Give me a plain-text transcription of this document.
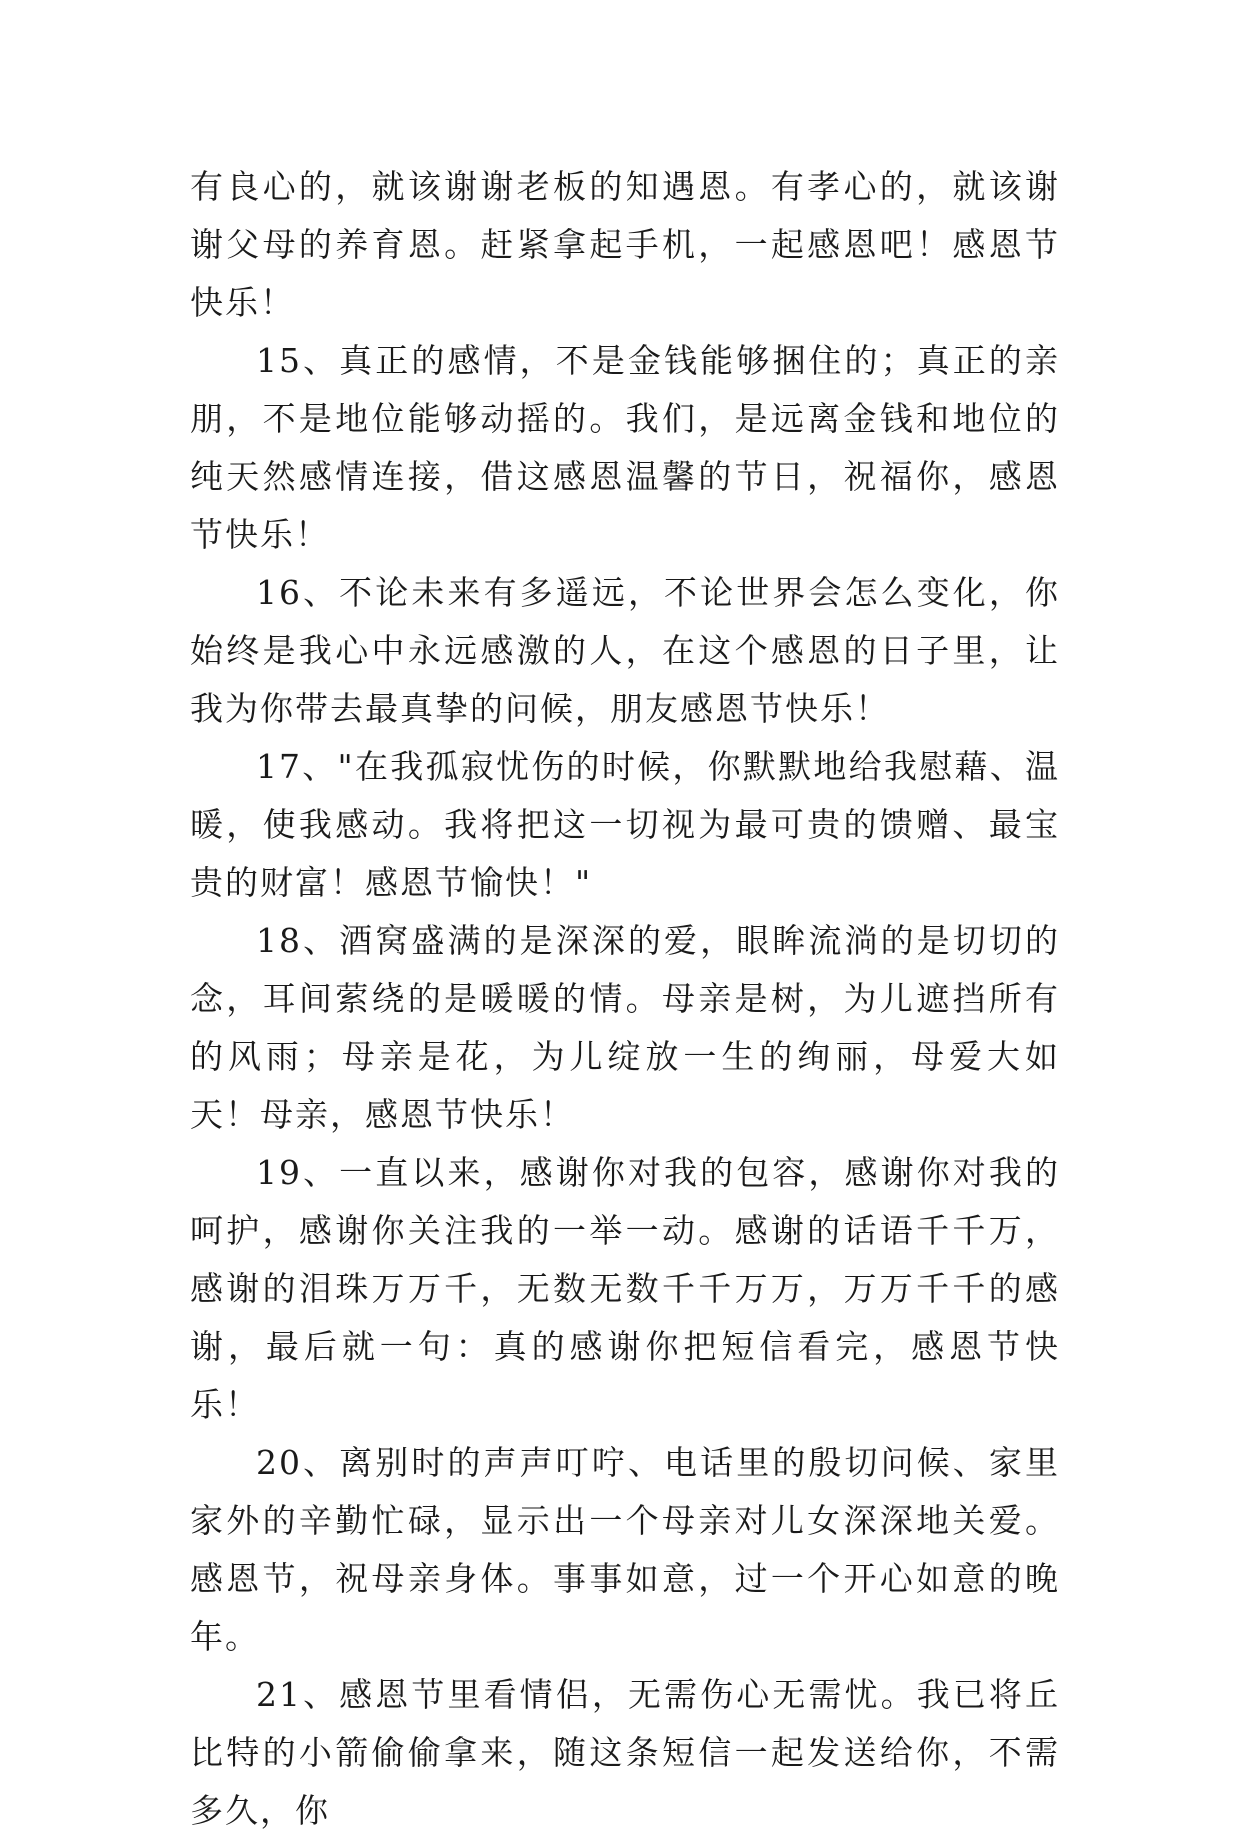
有良心的，就该谢谢老板的知遇恩。有孝心的，就该谢谢父母的养育恩。赶紧拿起手机，一起感恩吧！感恩节快乐！

15、真正的感情，不是金钱能够捆住的；真正的亲朋，不是地位能够动摇的。我们，是远离金钱和地位的纯天然感情连接，借这感恩温馨的节日，祝福你，感恩节快乐！

16、不论未来有多遥远，不论世界会怎么变化，你始终是我心中永远感激的人，在这个感恩的日子里，让我为你带去最真挚的问候，朋友感恩节快乐！

17、"在我孤寂忧伤的时候，你默默地给我慰藉、温暖，使我感动。我将把这一切视为最可贵的馈赠、最宝贵的财富！感恩节愉快！"

18、酒窝盛满的是深深的爱，眼眸流淌的是切切的念，耳间萦绕的是暖暖的情。母亲是树，为儿遮挡所有的风雨；母亲是花，为儿绽放一生的绚丽，母爱大如天！母亲，感恩节快乐！

19、一直以来，感谢你对我的包容，感谢你对我的呵护，感谢你关注我的一举一动。感谢的话语千千万，感谢的泪珠万万千，无数无数千千万万，万万千千的感谢，最后就一句：真的感谢你把短信看完，感恩节快乐！

20、离别时的声声叮咛、电话里的殷切问候、家里家外的辛勤忙碌，显示出一个母亲对儿女深深地关爱。感恩节，祝母亲身体。事事如意，过一个开心如意的晚年。

21、感恩节里看情侣，无需伤心无需忧。我已将丘比特的小箭偷偷拿来，随这条短信一起发送给你，不需多久，你
